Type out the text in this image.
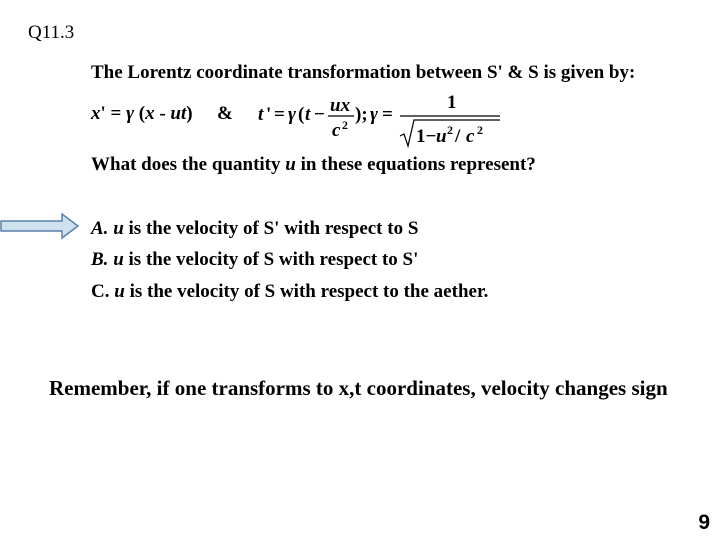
Q11.3
The Lorentz coordinate transformation between S' & S is given by:
x' = γ (x - ut) & t ' = γ ( t − ux
c 2 ); γ =
1
1− u 2 / c 2
What does the quantity u in these equations represent?
A. u is the velocity of S' with respect to S
B. u is the velocity of S with respect to S'
C. u is the velocity of S with respect to the aether.
Remember, if one transforms to x,t coordinates, velocity changes sign
9
